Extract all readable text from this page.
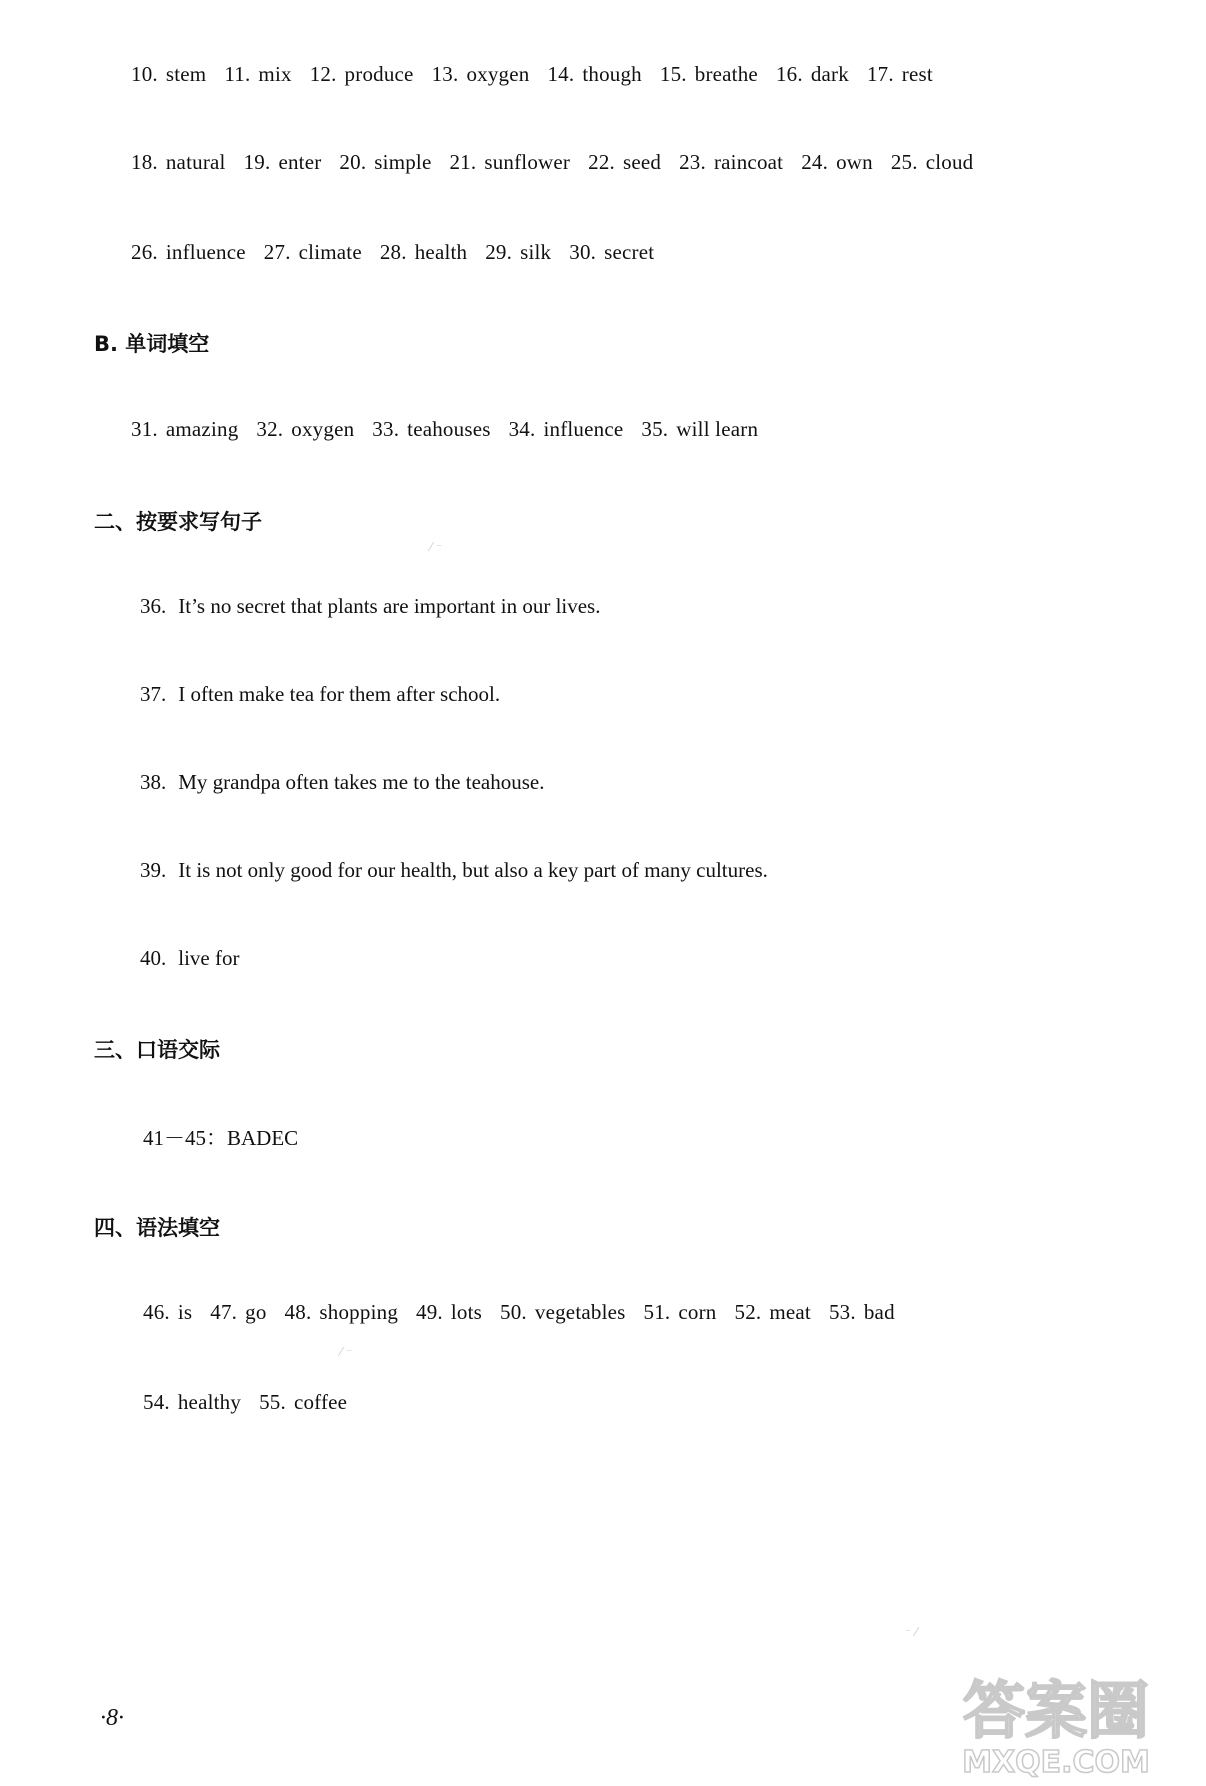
10. stem 11. mix 12. produce 13. oxygen 14. though 15. breathe 16. dark 17. rest
18. natural 19. enter 20. simple 21. sunflower 22. seed 23. raincoat 24. own 25. cloud
26. influence 27. climate 28. health 29. silk 30. secret
B. 单词填空
31. amazing 32. oxygen 33. teahouses 34. influence 35. will learn
二、按要求写句子
36. It’s no secret that plants are important in our lives.
37. I often make tea for them after school.
38. My grandpa often takes me to the teahouse.
39. It is not only good for our health, but also a key part of many cultures.
40. live for
三、口语交际
41－45：BADEC
四、语法填空
46. is 47. go 48. shopping 49. lots 50. vegetables 51. corn 52. meat 53. bad
54. healthy 55. coffee
⁄ ⁻
⁄ ⁻
⁻ ⁄
·8·	答案圈
MXQE.COM
